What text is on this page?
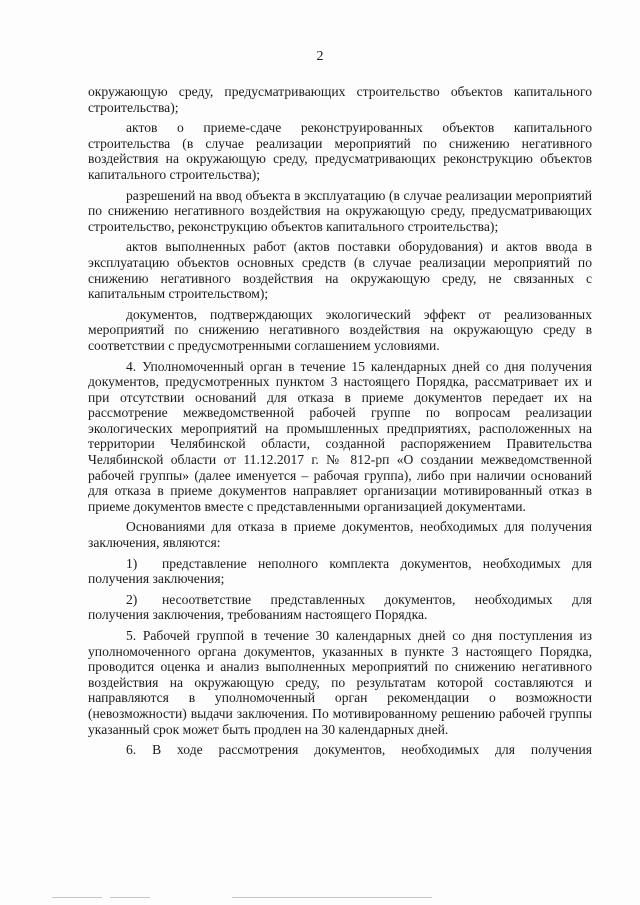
2

окружающую среду, предусматривающих строительство объектов капитального строительства);

актов о приеме-сдаче реконструированных объектов капитального строительства (в случае реализации мероприятий по снижению негативного воздействия на окружающую среду, предусматривающих реконструкцию объектов капитального строительства);

разрешений на ввод объекта в эксплуатацию (в случае реализации мероприятий по снижению негативного воздействия на окружающую среду, предусматривающих строительство, реконструкцию объектов капитального строительства);

актов выполненных работ (актов поставки оборудования) и актов ввода в эксплуатацию объектов основных средств (в случае реализации мероприятий по снижению негативного воздействия на окружающую среду, не связанных с капитальным строительством);

документов, подтверждающих экологический эффект от реализованных мероприятий по снижению негативного воздействия на окружающую среду в соответствии с предусмотренными соглашением условиями.

4. Уполномоченный орган в течение 15 календарных дней со дня получения документов, предусмотренных пунктом 3 настоящего Порядка, рассматривает их и при отсутствии оснований для отказа в приеме документов передает их на рассмотрение межведомственной рабочей группе по вопросам реализации экологических мероприятий на промышленных предприятиях, расположенных на территории Челябинской области, созданной распоряжением Правительства Челябинской области от 11.12.2017 г. № 812-рп «О создании межведомственной рабочей группы» (далее именуется – рабочая группа), либо при наличии оснований для отказа в приеме документов направляет организации мотивированный отказ в приеме документов вместе с представленными организацией документами.

Основаниями для отказа в приеме документов, необходимых для получения заключения, являются:

1) представление неполного комплекта документов, необходимых для получения заключения;

2) несоответствие представленных документов, необходимых для получения заключения, требованиям настоящего Порядка.

5. Рабочей группой в течение 30 календарных дней со дня поступления из уполномоченного органа документов, указанных в пункте 3 настоящего Порядка, проводится оценка и анализ выполненных мероприятий по снижению негативного воздействия на окружающую среду, по результатам которой составляются и направляются в уполномоченный орган рекомендации о возможности (невозможности) выдачи заключения. По мотивированному решению рабочей группы указанный срок может быть продлен на 30 календарных дней.

6. В ходе рассмотрения документов, необходимых для получения
